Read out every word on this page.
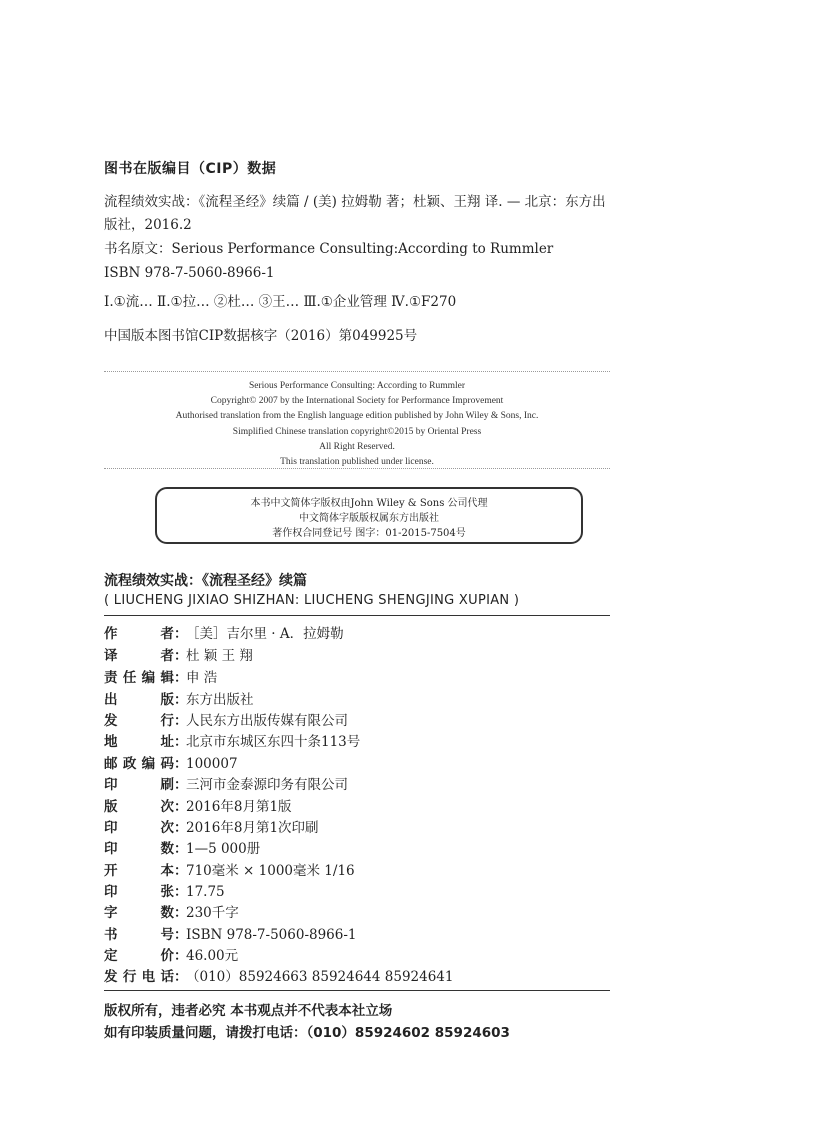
图书在版编目（CIP）数据
流程绩效实战：《流程圣经》续篇 / (美) 拉姆勒 著；杜颖、王翔 译. — 北京：东方出
版社，2016.2
书名原文：Serious Performance Consulting:According to Rummler
ISBN 978-7-5060-8966-1
Ⅰ.①流… Ⅱ.①拉… ②杜… ③王… Ⅲ.①企业管理 Ⅳ.①F270
中国版本图书馆CIP数据核字（2016）第049925号
Serious Performance Consulting: According to Rummler
Copyright© 2007 by the International Society for Performance Improvement
Authorised translation from the English language edition published by John Wiley & Sons, Inc.
Simplified Chinese translation copyright©2015 by Oriental Press
All Right Reserved.
This translation published under license.
本书中文简体字版权由John Wiley & Sons 公司代理
中文简体字版版权属东方出版社
著作权合同登记号 图字：01-2015-7504号
流程绩效实战：《流程圣经》续篇
( LIUCHENG JIXIAO SHIZHAN: LIUCHENG SHENGJING XUPIAN )
作者：［美］吉尔里 · A．拉姆勒
译者：杜 颖 王 翔
责任编辑：申 浩
出版：东方出版社
发行：人民东方出版传媒有限公司
地址：北京市东城区东四十条113号
邮政编码：100007
印刷：三河市金泰源印务有限公司
版次：2016年8月第1版
印次：2016年8月第1次印刷
印数：1—5 000册
开本：710毫米 × 1000毫米 1/16
印张：17.75
字数：230千字
书号：ISBN 978-7-5060-8966-1
定价：46.00元
发行电话：（010）85924663 85924644 85924641
版权所有，违者必究 本书观点并不代表本社立场
如有印装质量问题，请拨打电话：（010）85924602 85924603
